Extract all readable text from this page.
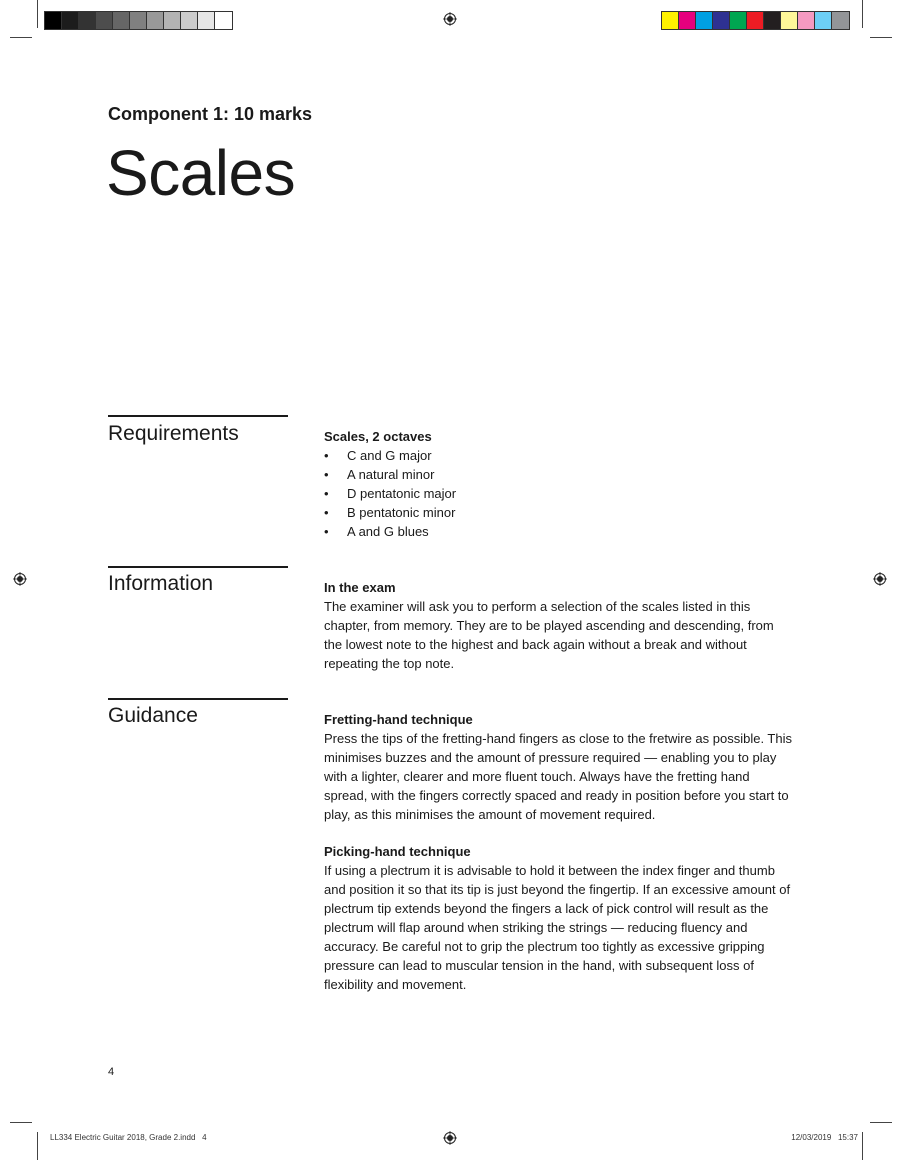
Component 1: 10 marks
Scales
Requirements	Scales, 2 octaves
• C and G major
• A natural minor
• D pentatonic major
• B pentatonic minor
• A and G blues
Information	In the exam

The examiner will ask you to perform a selection of the scales listed in this chapter, from memory. They are to be played ascending and descending, from the lowest note to the highest and back again without a break and without repeating the top note.

Guidance	Fretting-hand technique

Press the tips of the fretting-hand fingers as close to the fretwire as possible. This minimises buzzes and the amount of pressure required — enabling you to play with a lighter, clearer and more fluent touch. Always have the fretting hand spread, with the fingers correctly spaced and ready in position before you start to play, as this minimises the amount of movement required.

Picking-hand technique

If using a plectrum it is advisable to hold it between the index finger and thumb and position it so that its tip is just beyond the fingertip. If an excessive amount of plectrum tip extends beyond the fingers a lack of pick control will result as the plectrum will flap around when striking the strings — reducing fluency and accuracy. Be careful not to grip the plectrum too tightly as excessive gripping pressure can lead to muscular tension in the hand, with subsequent loss of flexibility and movement.

4
LL334 Electric Guitar 2018, Grade 2.indd   4	12/03/2019   15:37
